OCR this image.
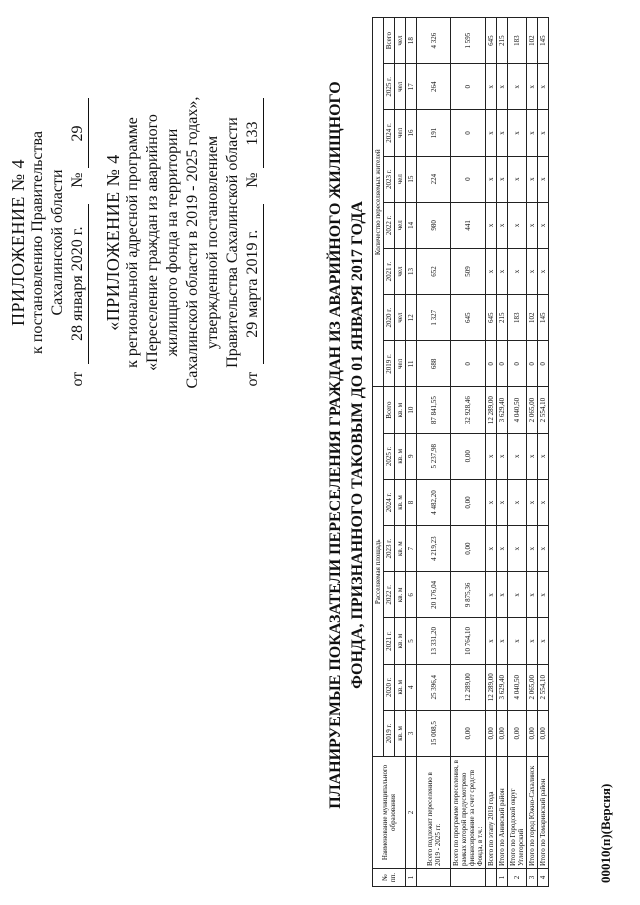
ПРИЛОЖЕНИЕ № 4 к постановлению Правительства Сахалинской области
от

28 января 2020 г.

№

29
«ПРИЛОЖЕНИЕ № 4 к региональной адресной программе «Переселение граждан из аварийного жилищного фонда на территории Сахалинской области в 2019 - 2025 годах», утвержденной постановлением Правительства Сахалинской области
от

29 марта 2019 г.

№

133	ПЛАНИРУЕМЫЕ ПОКАЗАТЕЛИ ПЕРЕСЕЛЕНИЯ ГРАЖДАН ИЗ АВАРИЙНОГО ЖИЛИЩНОГО ФОНДА, ПРИЗНАННОГО ТАКОВЫМ ДО 01 ЯНВАРЯ 2017 ГОДА
№ пп.	Наименование муниципального образования	Расселяемая площадь								Количество переселяемых жителей							
		2019 г.	2020 г.	2021 г.	2022 г.	2023 г.	2024 г.	2025 г.	Всего	2019 г.	2020 г.	2021 г.	2022 г.	2023 г.	2024 г.	2025 г.	Всего
		кв. м	кв. м	кв. м	кв. м	кв. м	кв. м	кв. м	кв. м	чел	чел	чел	чел	чел	чел	чел	чел
1	2	3	4	5	6	7	8	9	10	11	12	13	14	15	16	17	18
	Всего подлежит переселению в 2019 - 2025 гг.	15 008,5	25 396,4	13 331,20	20 176,04	4 219,23	4 482,20	5 237,98	87 841,55	688	1 327	652	980	224	191	264	4 326
	Всего по программе переселения, в рамках которой предусмотрено финансирование за счет средств Фонда, в т.ч.:	0,00	12 289,00	10 764,10	9 875,36	0,00	0,00	0,00	32 928,46	0	645	509	441	0	0	0	1 595
	Всего по этапу 2019 года	0,00	12 289,00	x	x	x	x	x	12 289,00	0	645	x	x	x	x	x	645
1	Итого по Анивский район	0,00	3 629,40	x	x	x	x	x	3 629,40	0	215	x	x	x	x	x	215
2	Итого по Городской округ Углегорский	0,00	4 040,50	x	x	x	x	x	4 040,50	0	183	x	x	x	x	x	183
3	Итого по город Южно-Сахалинск	0,00	2 065,00	x	x	x	x	x	2 065,00	0	102	x	x	x	x	x	102
4	Итого по Томаринский район	0,00	2 554,10	x	x	x	x	x	2 554,10	0	145	x	x	x	x	x	145
00010(п)(Версия)
